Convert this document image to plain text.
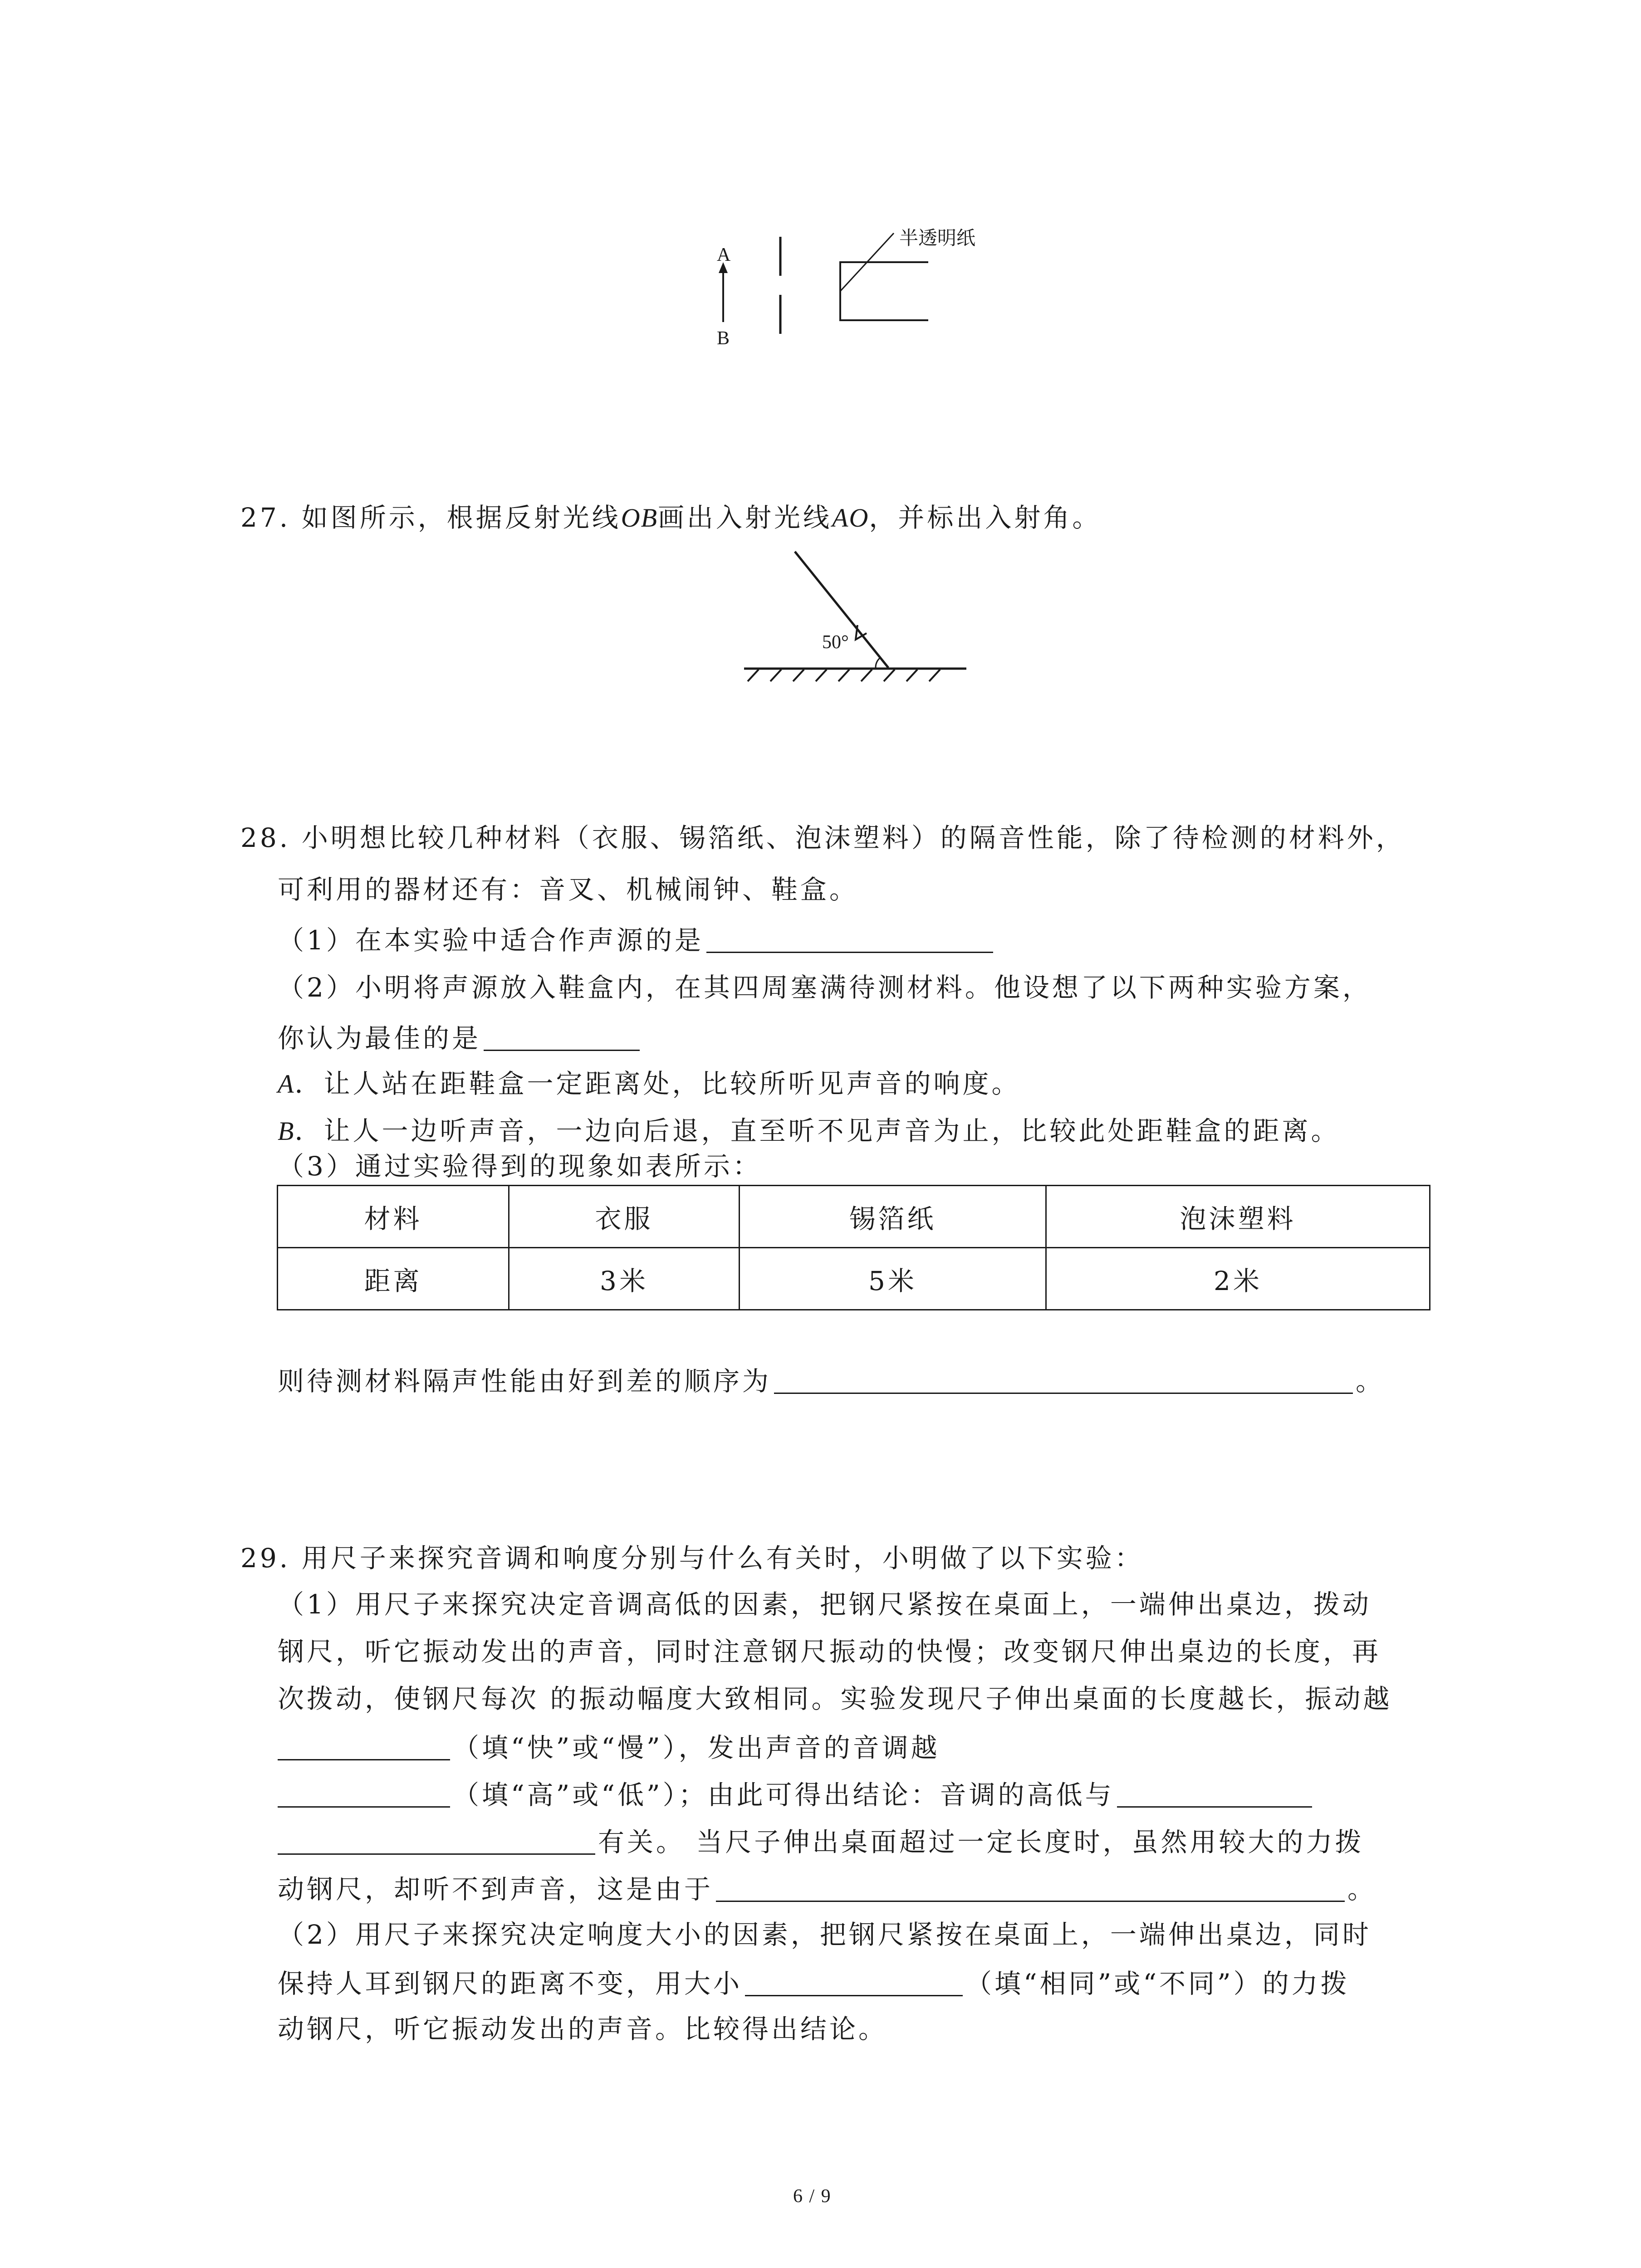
A
B
半透明纸
27. 如图所示，根据反射光线OB画出入射光线AO，并标出入射角。
50°
28. 小明想比较几种材料（衣服、锡箔纸、泡沫塑料）的隔音性能，除了待检测的材料外，
可利用的器材还有：音叉、机械闹钟、鞋盒。
（1）在本实验中适合作声源的是
（2）小明将声源放入鞋盒内，在其四周塞满待测材料。他设想了以下两种实验方案，
你认为最佳的是
A．让人站在距鞋盒一定距离处，比较所听见声音的响度。
B．让人一边听声音，一边向后退，直至听不见声音为止，比较此处距鞋盒的距离。
（3）通过实验得到的现象如表所示：
材料	衣服	锡箔纸	泡沫塑料
距离	3米	5米	2米
则待测材料隔声性能由好到差的顺序为	。
29. 用尺子来探究音调和响度分别与什么有关时，小明做了以下实验：
（1）用尺子来探究决定音调高低的因素，把钢尺紧按在桌面上，一端伸出桌边，拨动
钢尺，听它振动发出的声音，同时注意钢尺振动的快慢；改变钢尺伸出桌边的长度，再
次拨动，使钢尺每次 的振动幅度大致相同。实验发现尺子伸出桌面的长度越长，振动越
（填“快”或“慢”），发出声音的音调越
（填“高”或“低”）；由此可得出结论：音调的高低与
有关。 当尺子伸出桌面超过一定长度时，虽然用较大的力拨
动钢尺，却听不到声音，这是由于	。
（2）用尺子来探究决定响度大小的因素，把钢尺紧按在桌面上，一端伸出桌边，同时
保持人耳到钢尺的距离不变，用大小	（填“相同”或“不同”）的力拨
动钢尺，听它振动发出的声音。比较得出结论。
6 / 9
